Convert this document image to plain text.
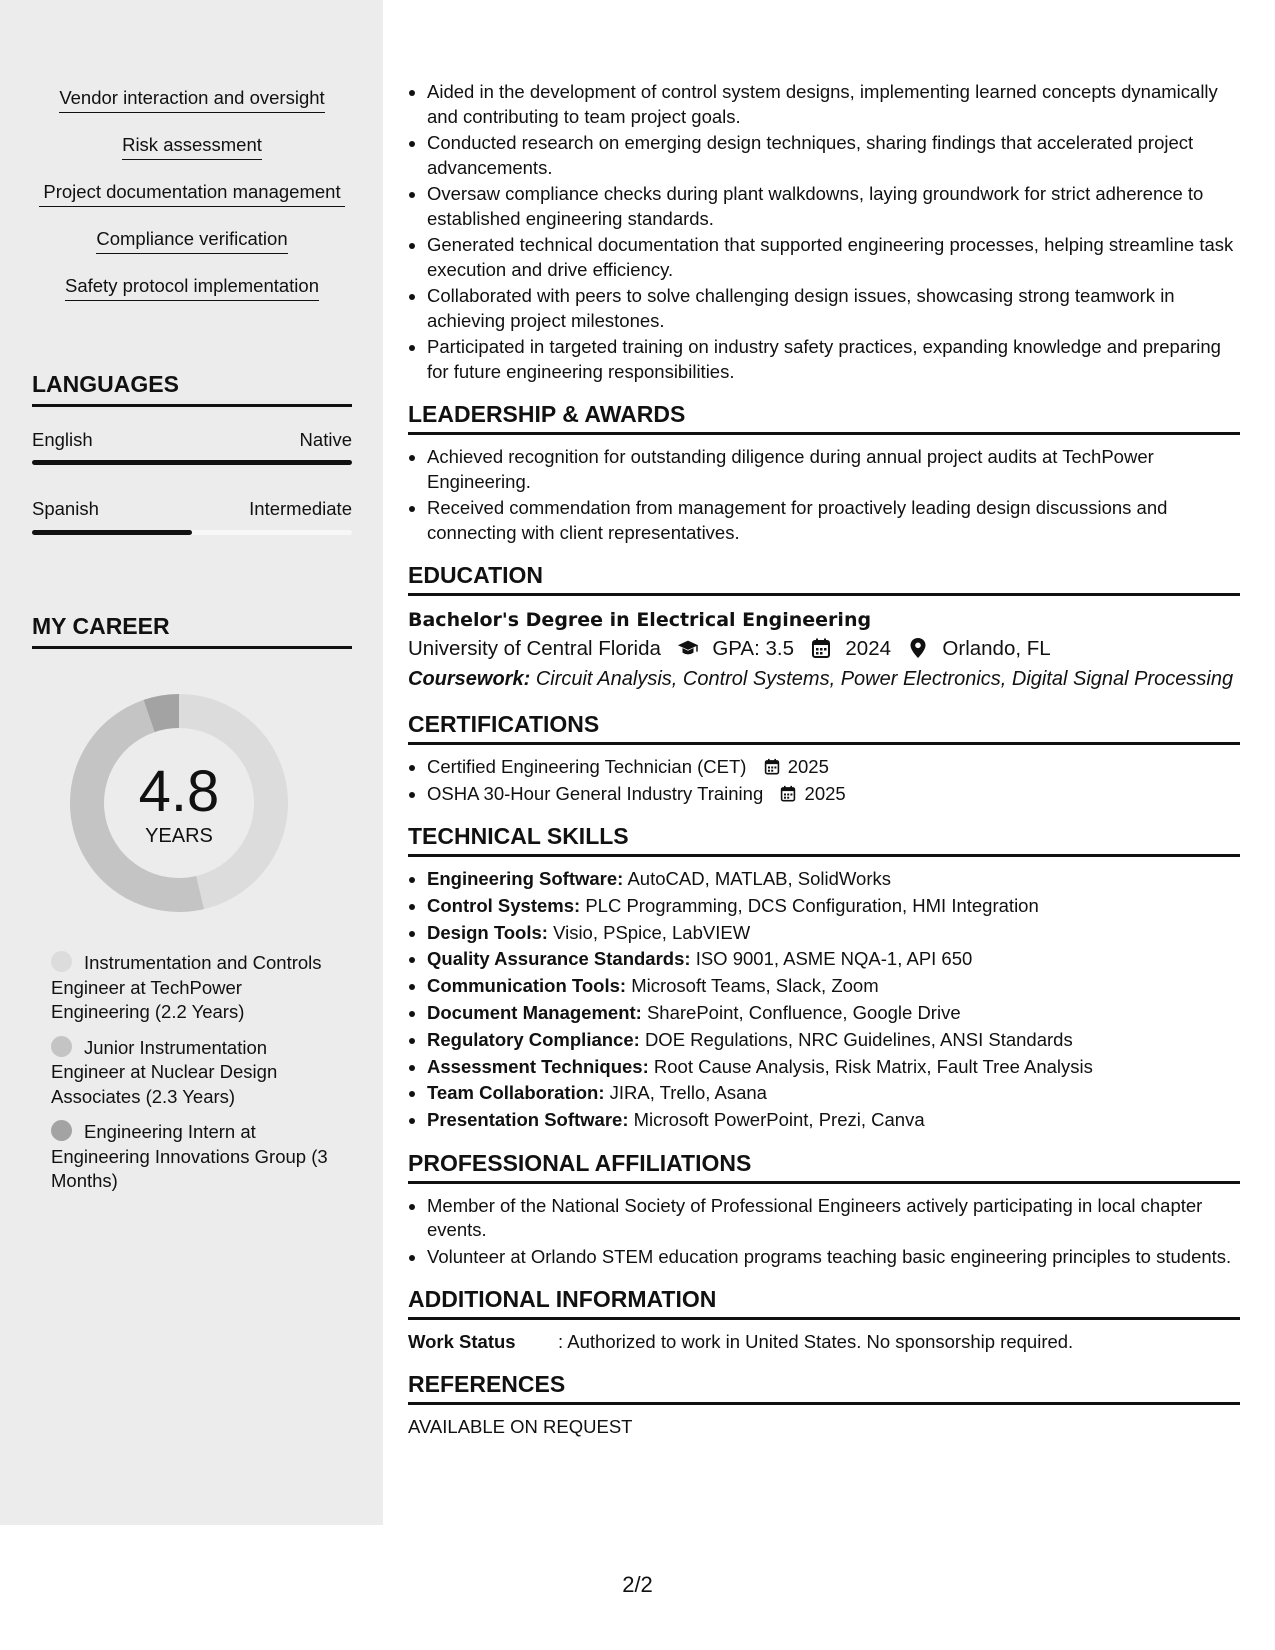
Vendor interaction and oversight
Risk assessment
Project documentation management
Compliance verification
Safety protocol implementation
LANGUAGES
English	Native
Spanish	Intermediate
MY CAREER
4.8
YEARS
Instrumentation and Controls Engineer at TechPower Engineering (2.2 Years)
Junior Instrumentation Engineer at Nuclear Design Associates (2.3 Years)
Engineering Intern at Engineering Innovations Group (3 Months)
• Aided in the development of control system designs, implementing learned concepts dynamically and contributing to team project goals.
• Conducted research on emerging design techniques, sharing findings that accelerated project advancements.
• Oversaw compliance checks during plant walkdowns, laying groundwork for strict adherence to established engineering standards.
• Generated technical documentation that supported engineering processes, helping streamline task execution and drive efficiency.
• Collaborated with peers to solve challenging design issues, showcasing strong teamwork in achieving project milestones.
• Participated in targeted training on industry safety practices, expanding knowledge and preparing for future engineering responsibilities.
LEADERSHIP & AWARDS
• Achieved recognition for outstanding diligence during annual project audits at TechPower Engineering.
• Received commendation from management for proactively leading design discussions and connecting with client representatives.
EDUCATION
Bachelor's Degree in Electrical Engineering
University of Central Florida	GPA: 3.5	2024	Orlando, FL
Coursework: Circuit Analysis, Control Systems, Power Electronics, Digital Signal Processing
CERTIFICATIONS
• Certified Engineering Technician (CET) 2025
• OSHA 30-Hour General Industry Training 2025
TECHNICAL SKILLS
• Engineering Software: AutoCAD, MATLAB, SolidWorks
• Control Systems: PLC Programming, DCS Configuration, HMI Integration
• Design Tools: Visio, PSpice, LabVIEW
• Quality Assurance Standards: ISO 9001, ASME NQA-1, API 650
• Communication Tools: Microsoft Teams, Slack, Zoom
• Document Management: SharePoint, Confluence, Google Drive
• Regulatory Compliance: DOE Regulations, NRC Guidelines, ANSI Standards
• Assessment Techniques: Root Cause Analysis, Risk Matrix, Fault Tree Analysis
• Team Collaboration: JIRA, Trello, Asana
• Presentation Software: Microsoft PowerPoint, Prezi, Canva
PROFESSIONAL AFFILIATIONS
• Member of the National Society of Professional Engineers actively participating in local chapter events.
• Volunteer at Orlando STEM education programs teaching basic engineering principles to students.
ADDITIONAL INFORMATION
Work Status : Authorized to work in United States. No sponsorship required.
REFERENCES
AVAILABLE ON REQUEST
2/2
